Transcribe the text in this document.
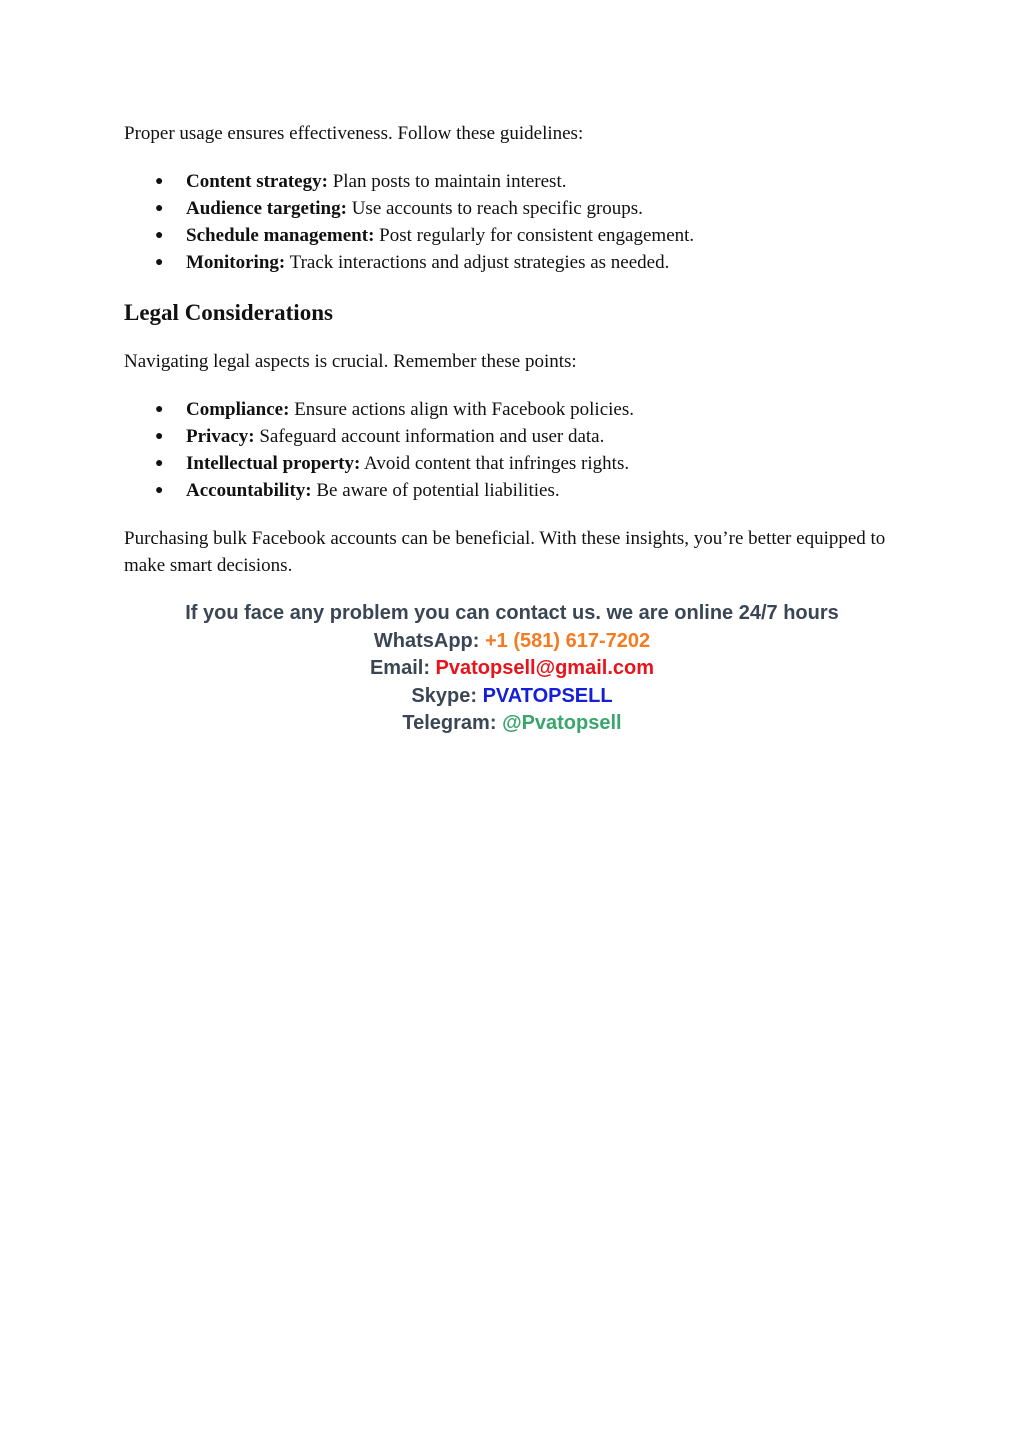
Proper usage ensures effectiveness. Follow these guidelines:

● Content strategy: Plan posts to maintain interest.
● Audience targeting: Use accounts to reach specific groups.
● Schedule management: Post regularly for consistent engagement.
● Monitoring: Track interactions and adjust strategies as needed.
Legal Considerations

Navigating legal aspects is crucial. Remember these points:

● Compliance: Ensure actions align with Facebook policies.
● Privacy: Safeguard account information and user data.
● Intellectual property: Avoid content that infringes rights.
● Accountability: Be aware of potential liabilities.

Purchasing bulk Facebook accounts can be beneficial. With these insights, you’re better equipped to make smart decisions.

If you face any problem you can contact us. we are online 24/7 hours
WhatsApp: +1 (581) 617-7202
Email: Pvatopsell@gmail.com
Skype: PVATOPSELL
Telegram: @Pvatopsell
